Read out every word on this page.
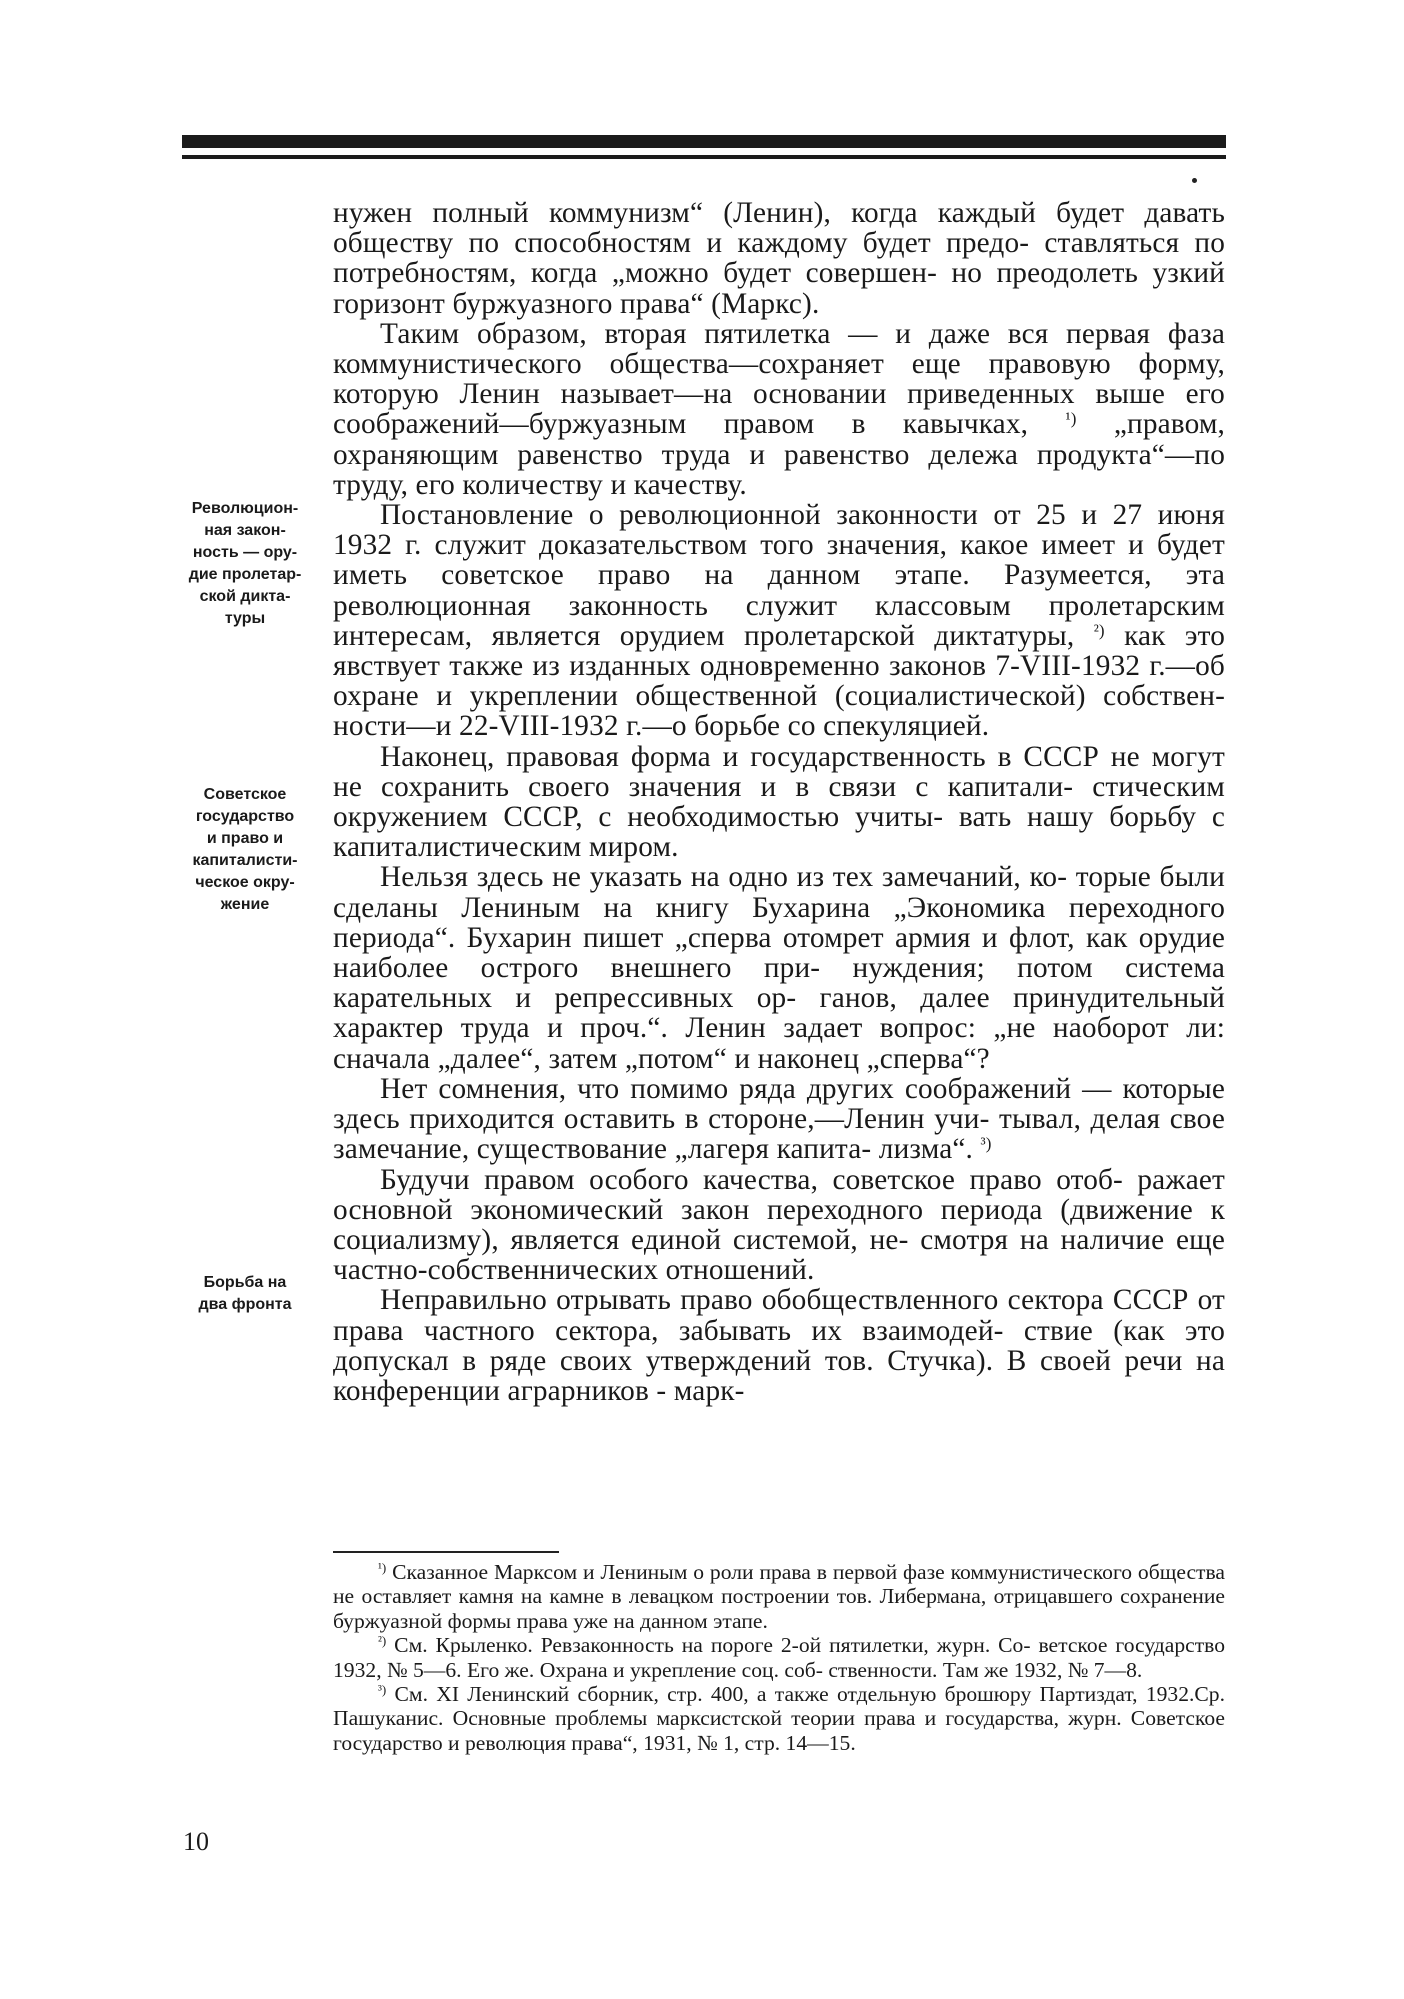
Революцион-
ная закон-
ность — ору-
дие пролетар-
ской дикта-
туры
Советское
государство
и право и
капиталисти-
ческое окру-
жение
Борьба на
два фронта

нужен полный коммунизм“ (Ленин), когда каждый будет давать обществу по способностям и каждому будет предо- ставляться по потребностям, когда „можно будет совершен- но преодолеть узкий горизонт буржуазного права“ (Маркс).

Таким образом, вторая пятилетка — и даже вся первая фаза коммунистического общества—сохраняет еще правовую форму, которую Ленин называет—на основании приведенных выше его соображений—буржуазным правом в кавычках, $^{^1)}$ „правом, охраняющим равенство труда и равенство дележа продукта“—по труду, его количеству и качеству.

Постановление о революционной законности от 25 и 27 июня 1932 г. служит доказательством того значения, какое имеет и будет иметь советское право на данном этапе. Разумеется, эта революционная законность служит классовым пролетарским интересам, является орудием пролетарской диктатуры, $^{^2)}$ как это явствует также из изданных одновременно законов 7-VIII-1932 г.—об охране и укреплении общественной (социалистической) собствен- ности—и 22-VIII-1932 г.—о борьбе со спекуляцией.

Наконец, правовая форма и государственность в СССР не могут не сохранить своего значения и в связи с капитали- стическим окружением СССР, с необходимостью учиты- вать нашу борьбу с капиталистическим миром.

Нельзя здесь не указать на одно из тех замечаний, ко- торые были сделаны Лениным на книгу Бухарина „Экономика переходного периода“. Бухарин пишет „сперва отомрет армия и флот, как орудие наиболее острого внешнего при- нуждения; потом система карательных и репрессивных ор- ганов, далее принудительный характер труда и проч.“. Ленин задает вопрос: „не наоборот ли: сначала „далее“, затем „потом“ и наконец „сперва“?

Нет сомнения, что помимо ряда других соображений — которые здесь приходится оставить в стороне,—Ленин учи- тывал, делая свое замечание, существование „лагеря капита- лизма“. $^{^3)}$

Будучи правом особого качества, советское право отоб- ражает основной экономический закон переходного периода (движение к социализму), является единой системой, не- смотря на наличие еще частно-собственнических отношений.

Неправильно отрывать право обобществленного сектора СССР от права частного сектора, забывать их взаимодей- ствие (как это допускал в ряде своих утверждений тов. Стучка). В своей речи на конференции аграрников - марк-

$^{^1)}$ Сказанное Марксом и Лениным о роли права в первой фазе коммунистического общества не оставляет камня на камне в левацком построении тов. Либермана, отрицавшего сохранение буржуазной формы права уже на данном этапе.

$^{^2)}$ См. Крыленко. Ревзаконность на пороге 2-ой пятилетки, журн. Со- ветское государство 1932, № 5—6. Его же. Охрана и укрепление соц. соб- ственности. Там же 1932, № 7—8.

$^{^3)}$ См. XI Ленинский сборник, стр. 400, а также отдельную брошюру Партиздат, 1932.Ср. Пашуканис. Основные проблемы марксистской теории права и государства, журн. Советское государство и революция права“, 1931, № 1, стр. 14—15.

10
